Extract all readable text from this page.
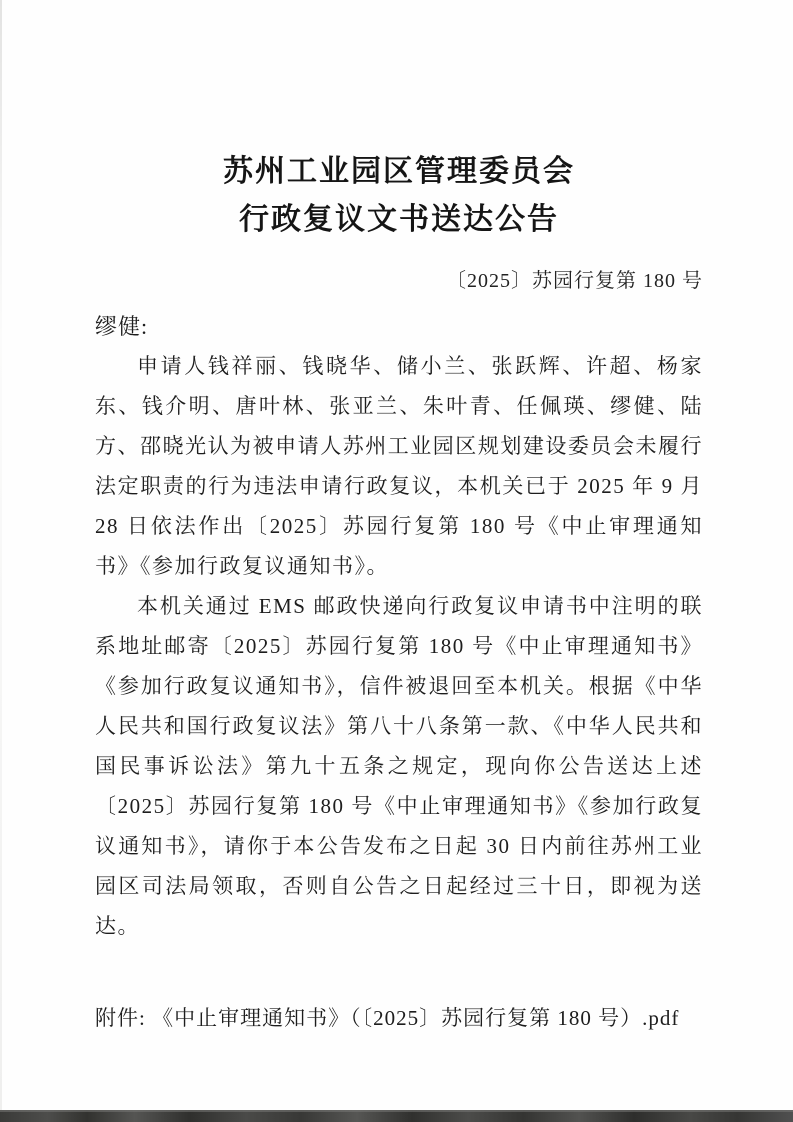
苏州工业园区管理委员会
行政复议文书送达公告
〔2025〕苏园行复第 180 号
缪健:

申请人钱祥丽、钱晓华、储小兰、张跃辉、许超、杨家东、钱介明、唐叶林、张亚兰、朱叶青、任佩瑛、缪健、陆方、邵晓光认为被申请人苏州工业园区规划建设委员会未履行法定职责的行为违法申请行政复议，本机关已于 2025 年 9 月 28 日依法作出〔2025〕苏园行复第 180 号《中止审理通知书》《参加行政复议通知书》。

本机关通过 EMS 邮政快递向行政复议申请书中注明的联系地址邮寄〔2025〕苏园行复第 180 号《中止审理通知书》《参加行政复议通知书》，信件被退回至本机关。根据《中华人民共和国行政复议法》第八十八条第一款、《中华人民共和国民事诉讼法》第九十五条之规定，现向你公告送达上述〔2025〕苏园行复第 180 号《中止审理通知书》《参加行政复议通知书》，请你于本公告发布之日起 30 日内前往苏州工业园区司法局领取，否则自公告之日起经过三十日，即视为送达。

附件: 《中止审理通知书》（〔2025〕苏园行复第 180 号）.pdf
